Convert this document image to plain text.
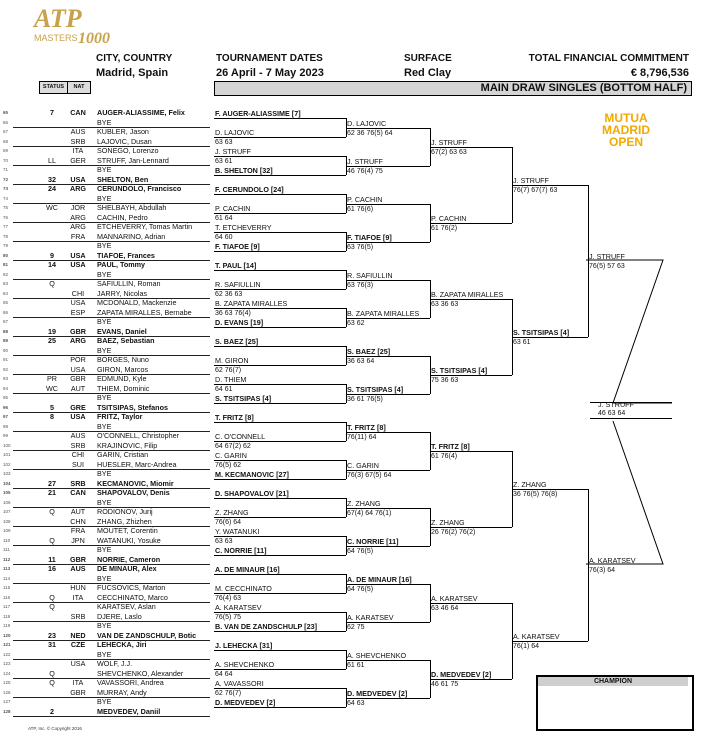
ATP
MASTERS 1000
CITY, COUNTRY
Madrid, Spain
TOURNAMENT DATES
26 April - 7 May 2023
SURFACE
Red Clay
TOTAL FINANCIAL COMMITMENT
€ 8,796,536
STATUS	NAT	MAIN DRAW SINGLES (BOTTOM HALF)
MUTUA
MADRID
OPEN
65	7	CAN	AUGER-ALIASSIME, Felix
66	BYE
67	AUS	KUBLER, Jason
68	SRB	LAJOVIC, Dusan
69	ITA	SONEGO, Lorenzo
70	LL	GER	STRUFF, Jan-Lennard
71	BYE
72	32	USA	SHELTON, Ben
73	24	ARG	CERUNDOLO, Francisco
74	BYE
75	WC	JOR	SHELBAYH, Abdullah
76	ARG	CACHIN, Pedro
77	ARG	ETCHEVERRY, Tomas Martin
78	FRA	MANNARINO, Adrian
79	BYE
80	9	USA	TIAFOE, Frances
81	14	USA	PAUL, Tommy
82	BYE
83	Q	SAFIULLIN, Roman
84	CHI	JARRY, Nicolas
85	USA	MCDONALD, Mackenzie
86	ESP	ZAPATA MIRALLES, Bernabe
87	BYE
88	19	GBR	EVANS, Daniel
89	25	ARG	BAEZ, Sebastian
90	BYE
91	POR	BORGES, Nuno
92	USA	GIRON, Marcos
93	PR	GBR	EDMUND, Kyle
94	WC	AUT	THIEM, Dominic
95	BYE
96	5	GRE	TSITSIPAS, Stefanos
97	8	USA	FRITZ, Taylor
98	BYE
99	AUS	O'CONNELL, Christopher
100	SRB	KRAJINOVIC, Filip
101	CHI	GARIN, Cristian
102	SUI	HUESLER, Marc-Andrea
103	BYE
104	27	SRB	KECMANOVIC, Miomir
105	21	CAN	SHAPOVALOV, Denis
106	BYE
107	Q	AUT	RODIONOV, Jurij
108	CHN	ZHANG, Zhizhen
109	FRA	MOUTET, Corentin
110	Q	JPN	WATANUKI, Yosuke
111	BYE
112	11	GBR	NORRIE, Cameron
113	16	AUS	DE MINAUR, Alex
114	BYE
115	HUN	FUCSOVICS, Marton
116	Q	ITA	CECCHINATO, Marco
117	Q	KARATSEV, Aslan
118	SRB	DJERE, Laslo
119	BYE
120	23	NED	VAN DE ZANDSCHULP, Botic
121	31	CZE	LEHECKA, Jiri
122	BYE
123	USA	WOLF, J.J.
124	Q	SHEVCHENKO, Alexander
125	Q	ITA	VAVASSORI, Andrea
126	GBR	MURRAY, Andy
127	BYE
128	2	MEDVEDEV, Daniil
F. AUGER-ALIASSIME [7]
D. LAJOVIC
63 63
J. STRUFF
63 61
B. SHELTON [32]
F. CERUNDOLO [24]
P. CACHIN
61 64
T. ETCHEVERRY
64 60
F. TIAFOE [9]
T. PAUL [14]
R. SAFIULLIN
62 36 63
B. ZAPATA MIRALLES
36 63 76(4)
D. EVANS [19]
S. BAEZ [25]
M. GIRON
62 76(7)
D. THIEM
64 61
S. TSITSIPAS [4]
T. FRITZ [8]
C. O'CONNELL
64 67(2) 62
C. GARIN
76(5) 62
M. KECMANOVIC [27]
D. SHAPOVALOV [21]
Z. ZHANG
76(6) 64
Y. WATANUKI
63 63
C. NORRIE [11]
A. DE MINAUR [16]
M. CECCHINATO
76(4) 63
A. KARATSEV
76(5) 75
B. VAN DE ZANDSCHULP [23]
J. LEHECKA [31]
A. SHEVCHENKO
64 64
A. VAVASSORI
62 76(7)
D. MEDVEDEV [2]
D. LAJOVIC
62 36 76(5) 64
J. STRUFF
46 76(4) 75
P. CACHIN
61 76(6)
F. TIAFOE [9]
63 76(5)
R. SAFIULLIN
63 76(3)
B. ZAPATA MIRALLES
63 62
S. BAEZ [25]
36 63 64
S. TSITSIPAS [4]
36 61 76(5)
T. FRITZ [8]
76(11) 64
C. GARIN
76(3) 67(5) 64
Z. ZHANG
67(4) 64 76(1)
C. NORRIE [11]
64 76(5)
A. DE MINAUR [16]
64 76(5)
A. KARATSEV
62 75
A. SHEVCHENKO
61 61
D. MEDVEDEV [2]
64 63
J. STRUFF
67(2) 63 63
P. CACHIN
61 76(2)
B. ZAPATA MIRALLES
63 36 63
S. TSITSIPAS [4]
75 36 63
T. FRITZ [8]
61 76(4)
Z. ZHANG
26 76(2) 76(2)
A. KARATSEV
63 46 64
D. MEDVEDEV [2]
46 61 75
J. STRUFF
76(7) 67(7) 63
S. TSITSIPAS [4]
63 61
Z. ZHANG
36 76(5) 76(8)
A. KARATSEV
76(1) 64
J. STRUFF
76(5) 57 63
A. KARATSEV
76(3) 64
J. STRUFF
46 63 64
CHAMPION
ATP, Inc. © Copyright 2016
